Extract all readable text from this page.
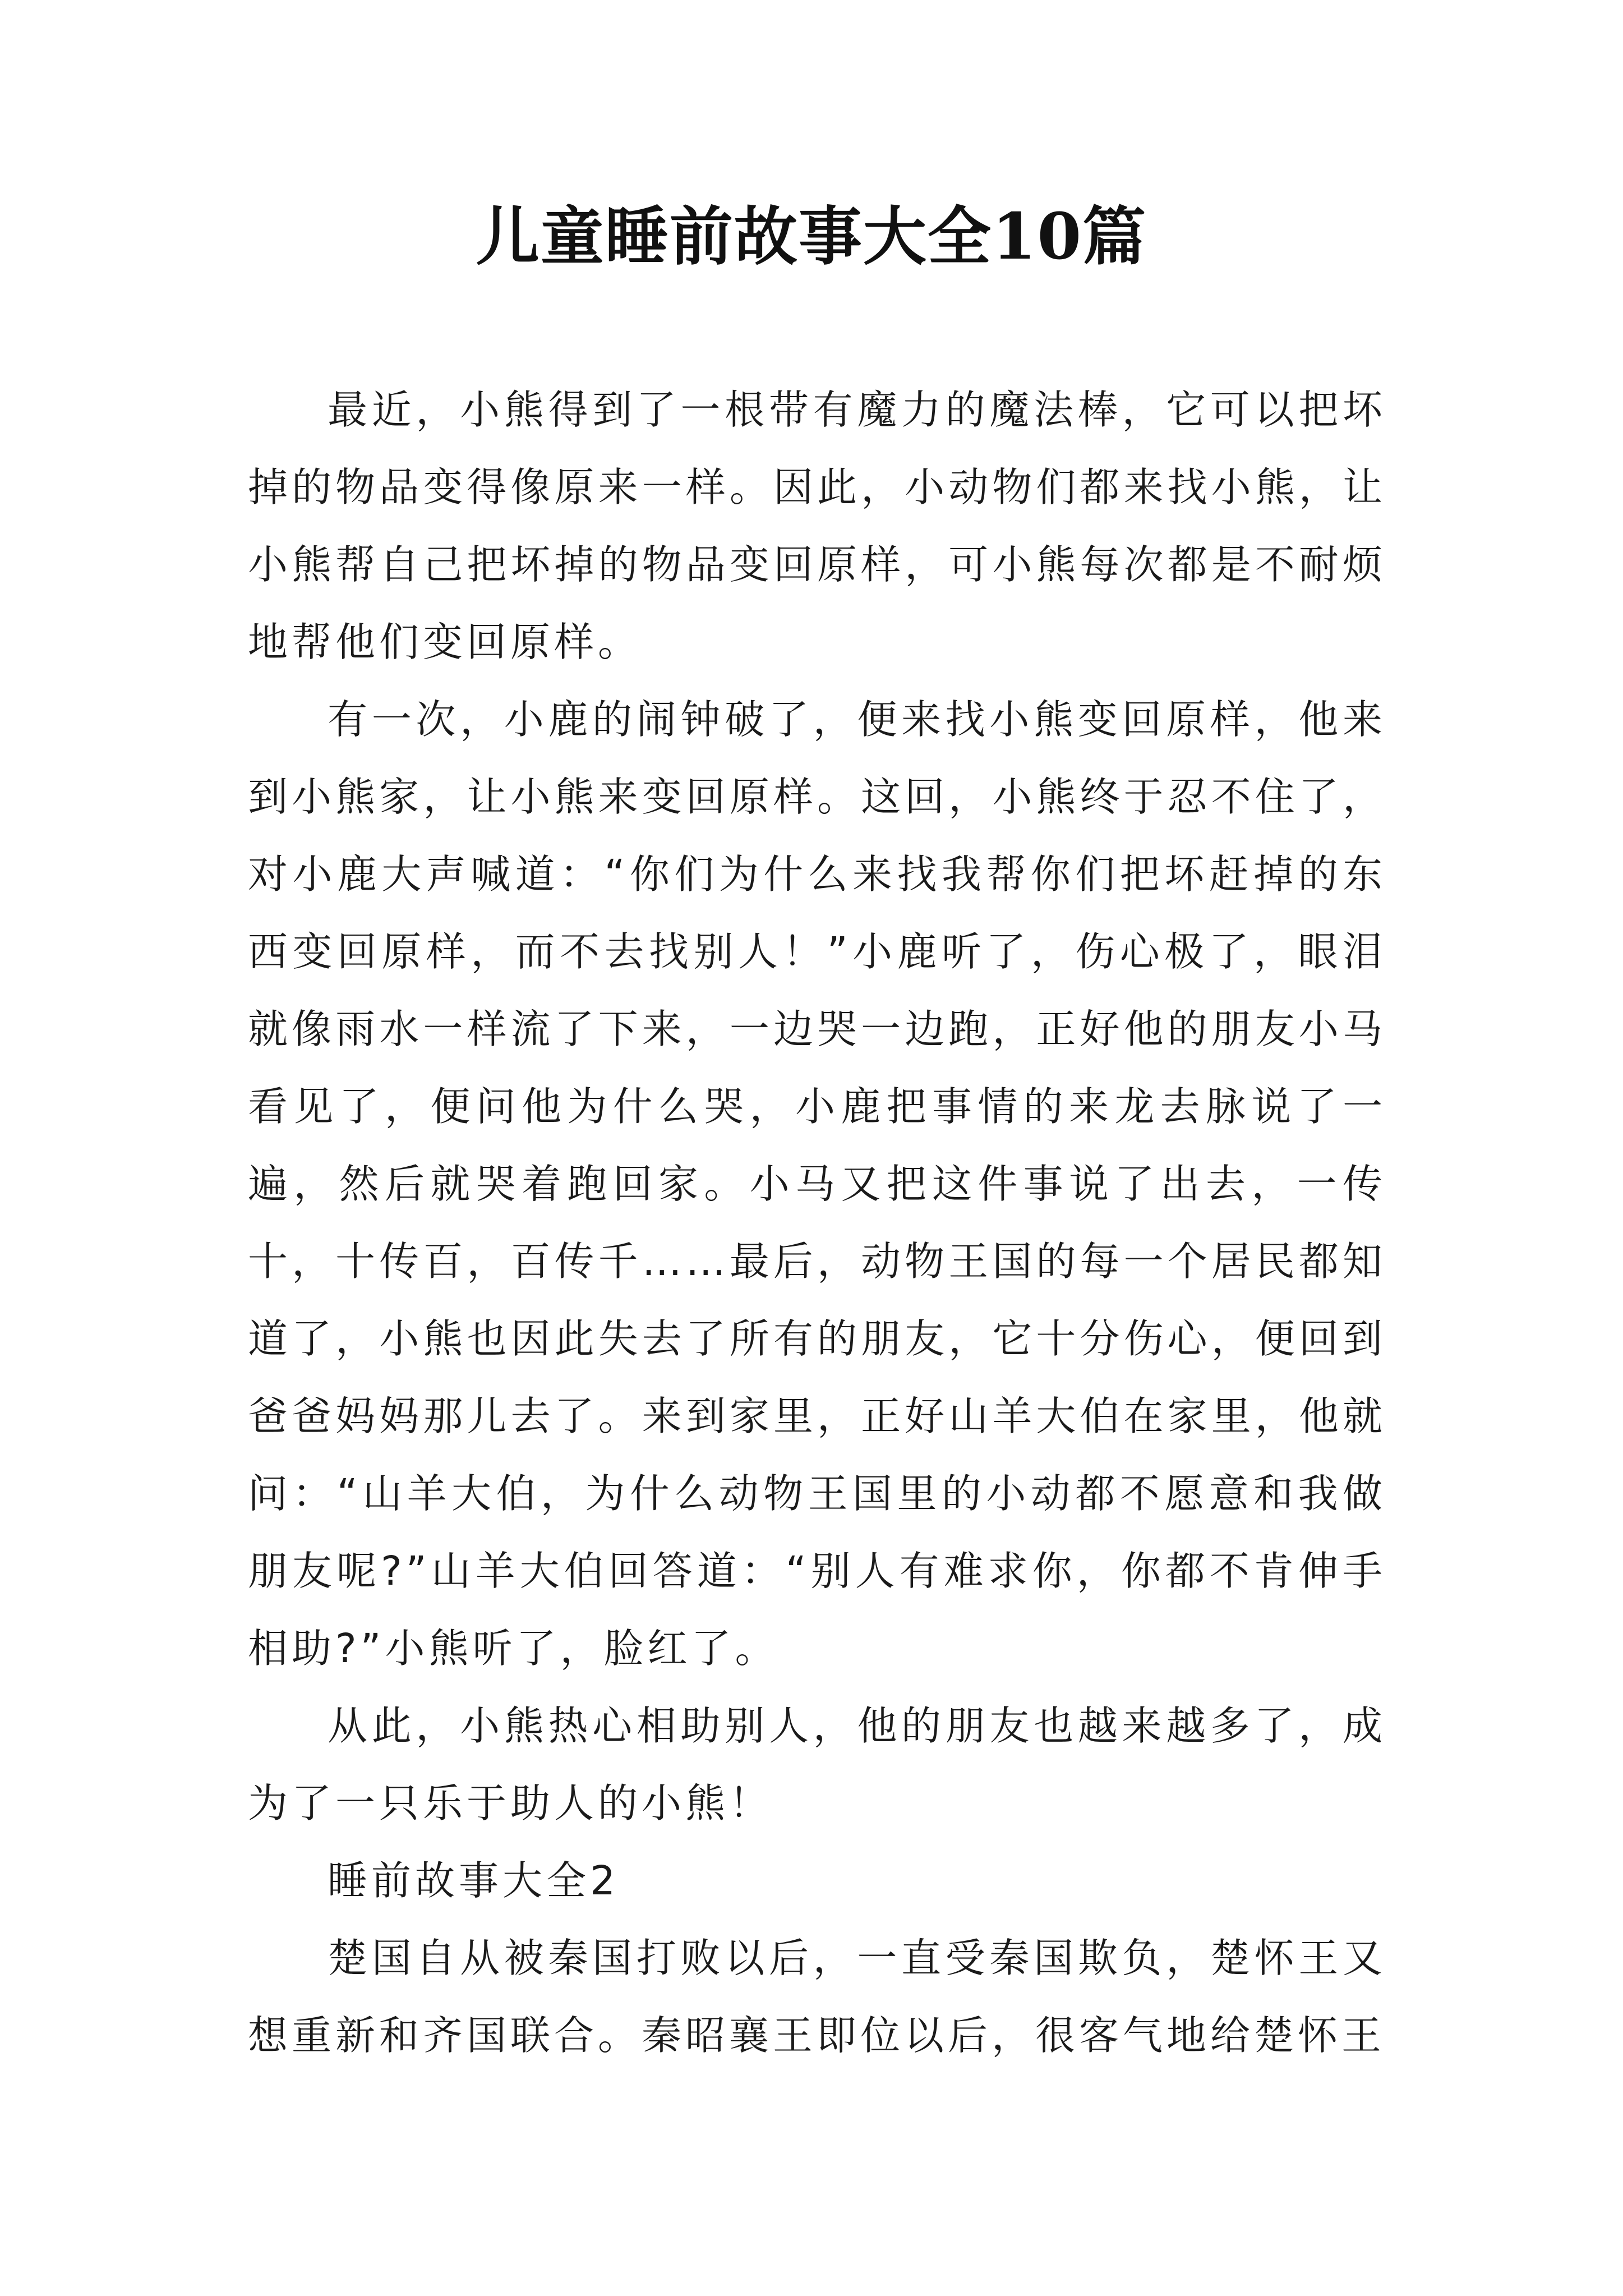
儿童睡前故事大全10篇

最近，小熊得到了一根带有魔力的魔法棒，它可以把坏掉的物品变得像原来一样。因此，小动物们都来找小熊，让小熊帮自己把坏掉的物品变回原样，可小熊每次都是不耐烦地帮他们变回原样。

有一次，小鹿的闹钟破了，便来找小熊变回原样，他来到小熊家，让小熊来变回原样。这回，小熊终于忍不住了，对小鹿大声喊道：“你们为什么来找我帮你们把坏赶掉的东西变回原样，而不去找别人！”小鹿听了，伤心极了，眼泪就像雨水一样流了下来，一边哭一边跑，正好他的朋友小马看见了，便问他为什么哭，小鹿把事情的来龙去脉说了一遍，然后就哭着跑回家。小马又把这件事说了出去，一传十，十传百，百传千……最后，动物王国的每一个居民都知道了，小熊也因此失去了所有的朋友，它十分伤心，便回到爸爸妈妈那儿去了。来到家里，正好山羊大伯在家里，他就问：“山羊大伯，为什么动物王国里的小动都不愿意和我做朋友呢?”山羊大伯回答道：“别人有难求你，你都不肯伸手相助?”小熊听了，脸红了。

从此，小熊热心相助别人，他的朋友也越来越多了，成为了一只乐于助人的小熊！

睡前故事大全2

楚国自从被秦国打败以后，一直受秦国欺负，楚怀王又想重新和齐国联合。秦昭襄王即位以后，很客气地给楚怀王
